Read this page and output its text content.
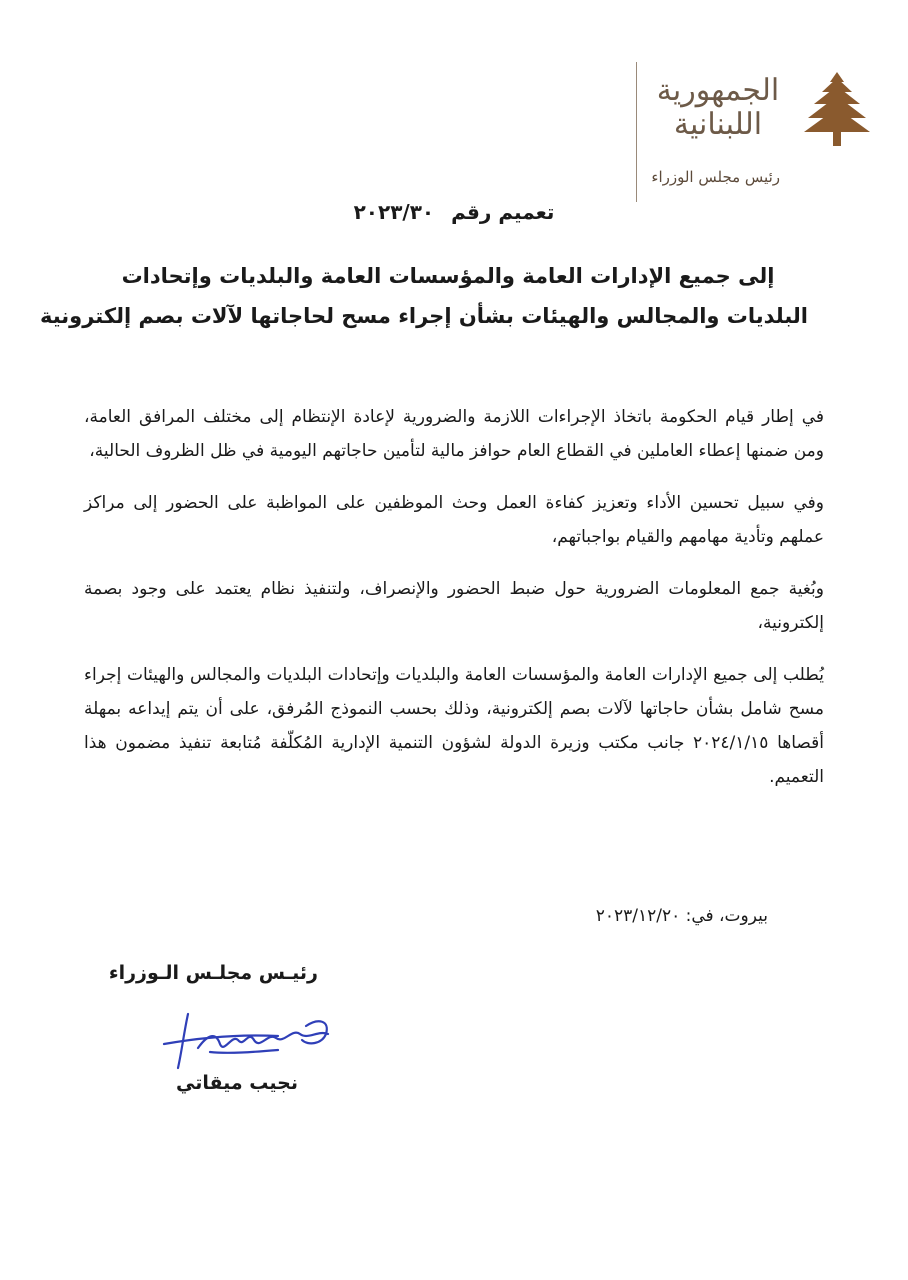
الجمهورية
اللبنانية
رئيس مجلس الوزراء
تعميم رقم ٢٠٢٣/٣٠
إلى جميع الإدارات العامة والمؤسسات العامة والبلديات وإتحادات
البلديات والمجالس والهيئات بشأن إجراء مسح لحاجاتها لآلات بصم إلكترونية

في إطار قيام الحكومة باتخاذ الإجراءات اللازمة والضرورية لإعادة الإنتظام إلى مختلف المرافق العامة، ومن ضمنها إعطاء العاملين في القطاع العام حوافز مالية لتأمين حاجاتهم اليومية في ظل الظروف الحالية،

وفي سبيل تحسين الأداء وتعزيز كفاءة العمل وحث الموظفين على المواظبة على الحضور إلى مراكز عملهم وتأدية مهامهم والقيام بواجباتهم،

وبُغية جمع المعلومات الضرورية حول ضبط الحضور والإنصراف، ولتنفيذ نظام يعتمد على وجود بصمة إلكترونية،

يُطلب إلى جميع الإدارات العامة والمؤسسات العامة والبلديات وإتحادات البلديات والمجالس والهيئات إجراء مسح شامل بشأن حاجاتها لآلات بصم إلكترونية، وذلك بحسب النموذج المُرفق، على أن يتم إيداعه بمهلة أقصاها ٢٠٢٤/١/١٥ جانب مكتب وزيرة الدولة لشؤون التنمية الإدارية المُكلّفة مُتابعة تنفيذ مضمون هذا التعميم.

بيروت، في: ٢٠٢٣/١٢/٢٠
رئيـس مجلـس الـوزراء
نجيب ميقاتي
